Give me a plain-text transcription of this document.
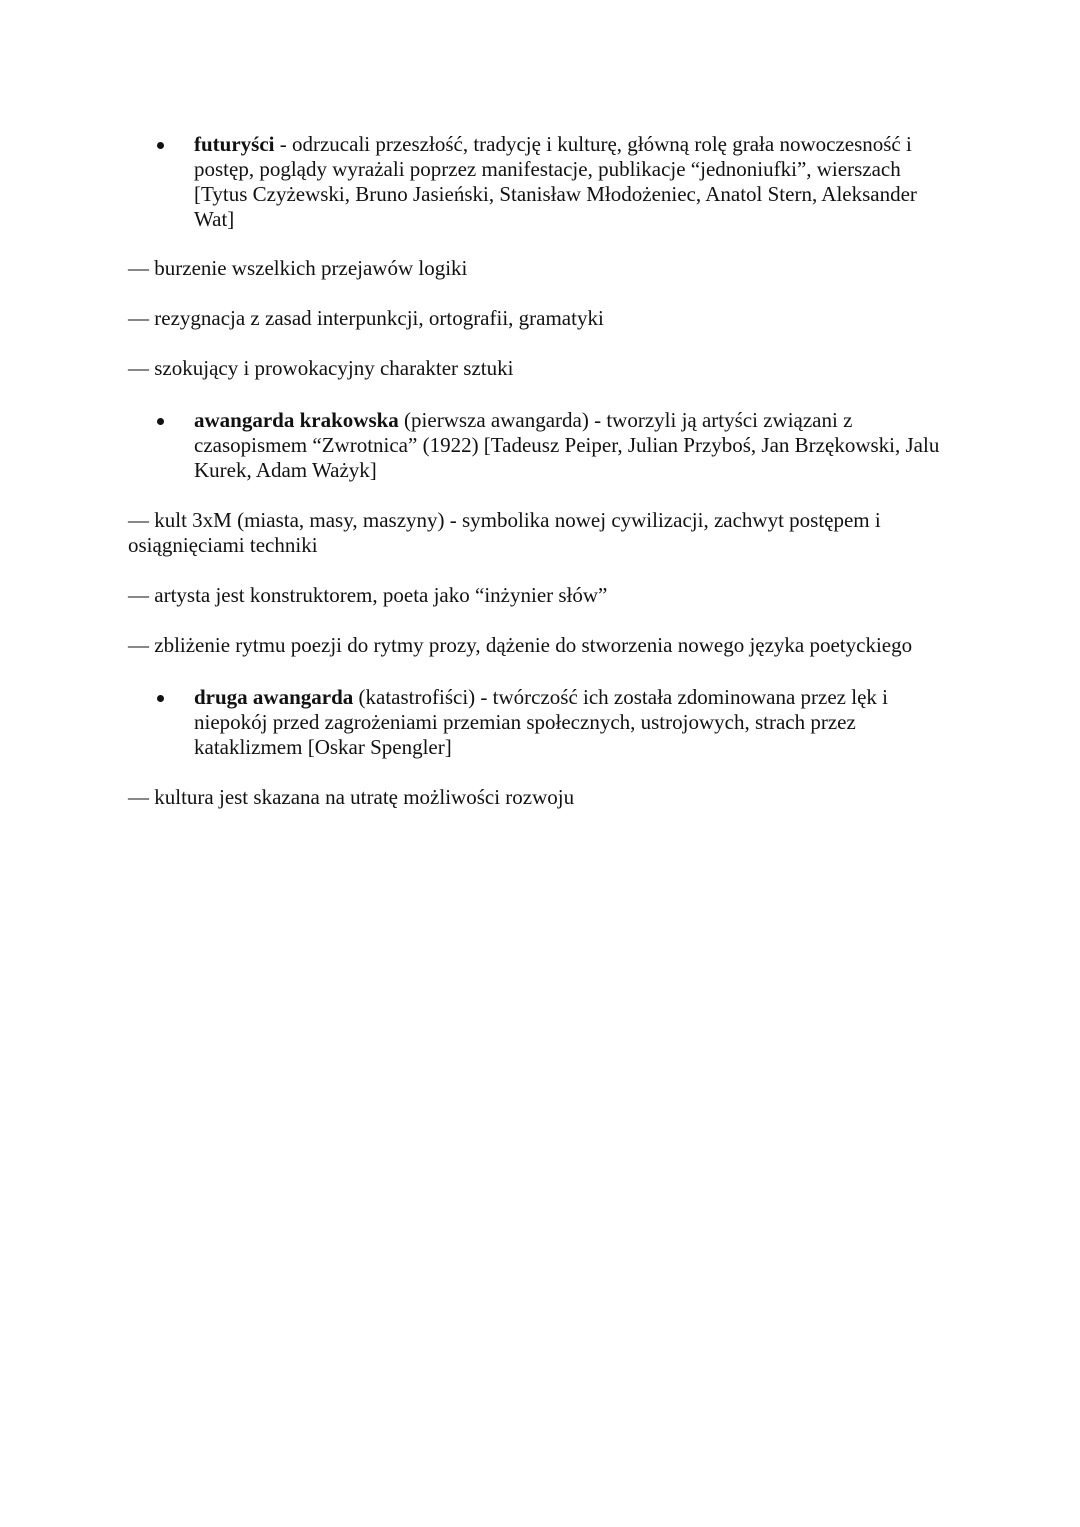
futuryści - odrzucali przeszłość, tradycję i kulturę, główną rolę grała nowoczesność i postęp, poglądy wyrażali poprzez manifestacje, publikacje “jednoniufki”, wierszach [Tytus Czyżewski, Bruno Jasieński, Stanisław Młodożeniec, Anatol Stern, Aleksander Wat]
— burzenie wszelkich przejawów logiki
— rezygnacja z zasad interpunkcji, ortografii, gramatyki
— szokujący i prowokacyjny charakter sztuki
awangarda krakowska (pierwsza awangarda) - tworzyli ją artyści związani z czasopismem “Zwrotnica” (1922) [Tadeusz Peiper, Julian Przyboś, Jan Brzękowski, Jalu Kurek, Adam Ważyk]
— kult 3xM (miasta, masy, maszyny) - symbolika nowej cywilizacji, zachwyt postępem i osiągnięciami techniki
— artysta jest konstruktorem, poeta jako “inżynier słów”
— zbliżenie rytmu poezji do rytmy prozy, dążenie do stworzenia nowego języka poetyckiego
druga awangarda (katastrofiści) - twórczość ich została zdominowana przez lęk i niepokój przed zagrożeniami przemian społecznych, ustrojowych, strach przez kataklizmem [Oskar Spengler]
— kultura jest skazana na utratę możliwości rozwoju
